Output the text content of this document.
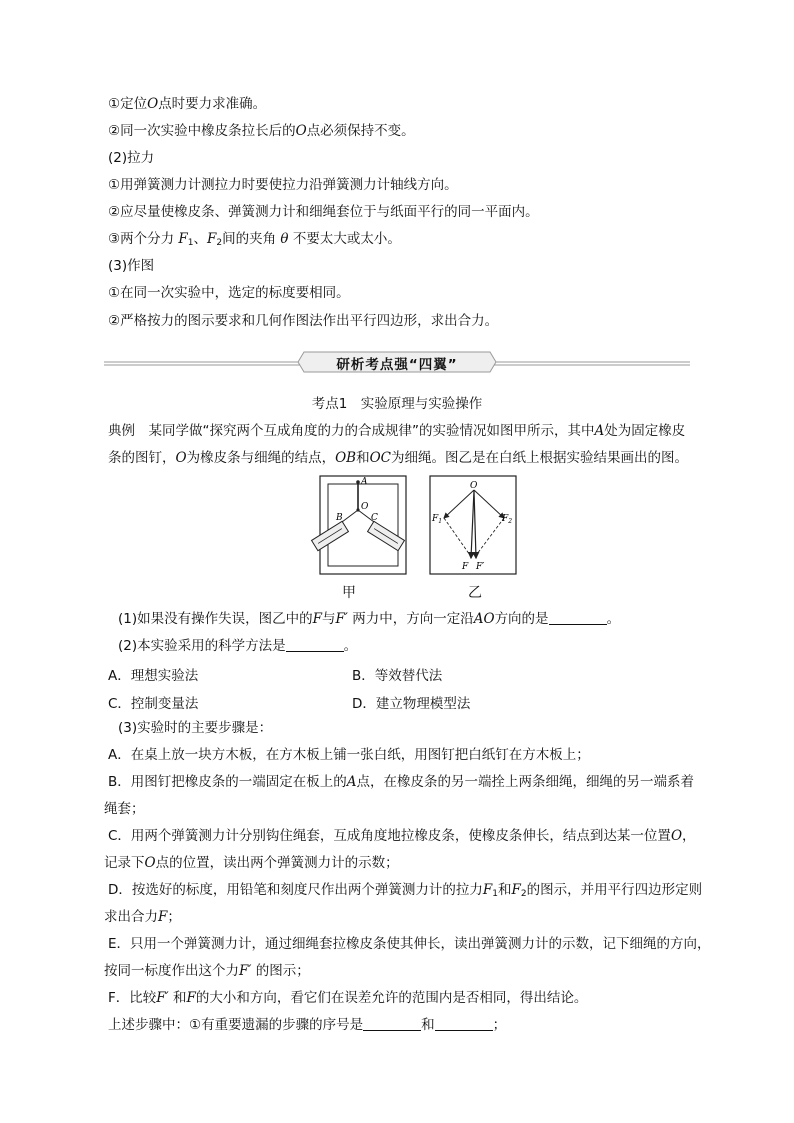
①定位O点时要力求准确。
②同一次实验中橡皮条拉长后的O点必须保持不变。
(2)拉力
①用弹簧测力计测拉力时要使拉力沿弹簧测力计轴线方向。
②应尽量使橡皮条、弹簧测力计和细绳套位于与纸面平行的同一平面内。
③两个分力 $F_1$、$F_2$间的夹角 θ 不要太大或太小。
(3)作图
①在同一次实验中，选定的标度要相同。
②严格按力的图示要求和几何作图法作出平行四边形，求出合力。
研析考点强“四翼”
考点1　实验原理与实验操作
典例　某同学做“探究两个互成角度的力的合成规律”的实验情况如图甲所示，其中A处为固定橡皮
条的图钉，O为橡皮条与细绳的结点，OB和OC为细绳。图乙是在白纸上根据实验结果画出的图。
A
B
O
C
O
$F_1$	$F_2$
F F′
甲	乙
(1)如果没有操作失误，图乙中的F与F′ 两力中，方向一定沿AO方向的是	。
(2)本实验采用的科学方法是	。
A．理想实验法	B．等效替代法
C．控制变量法	D．建立物理模型法
(3)实验时的主要步骤是：
A．在桌上放一块方木板，在方木板上铺一张白纸，用图钉把白纸钉在方木板上；
B．用图钉把橡皮条的一端固定在板上的A点，在橡皮条的另一端拴上两条细绳，细绳的另一端系着
绳套；
C．用两个弹簧测力计分别钩住绳套，互成角度地拉橡皮条，使橡皮条伸长，结点到达某一位置O，
记录下O点的位置，读出两个弹簧测力计的示数；
D．按选好的标度，用铅笔和刻度尺作出两个弹簧测力计的拉力$F_1$和$F_2$的图示，并用平行四边形定则
求出合力F；
E．只用一个弹簧测力计，通过细绳套拉橡皮条使其伸长，读出弹簧测力计的示数，记下细绳的方向，
按同一标度作出这个力F′ 的图示；
F．比较F′ 和F的大小和方向，看它们在误差允许的范围内是否相同，得出结论。
上述步骤中：①有重要遗漏的步骤的序号是	和	；
